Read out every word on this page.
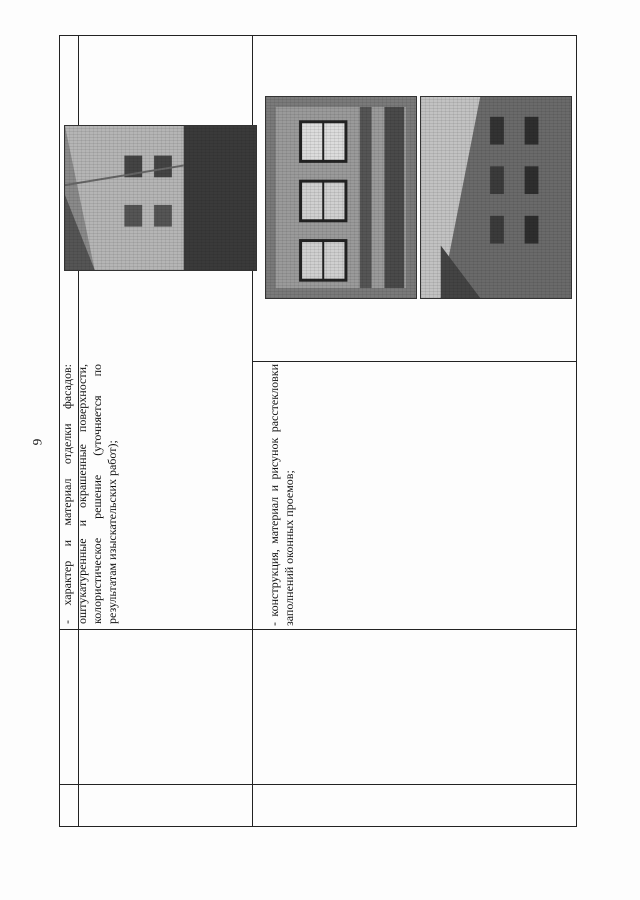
9 - характер и материал отделки фасадов: оштукатуренные и окрашенные поверхности, колористическое решение (уточняется по результатам изыскательских работ);	- конструкция, материал и рисунок расстекловки заполнений оконных проемов;
